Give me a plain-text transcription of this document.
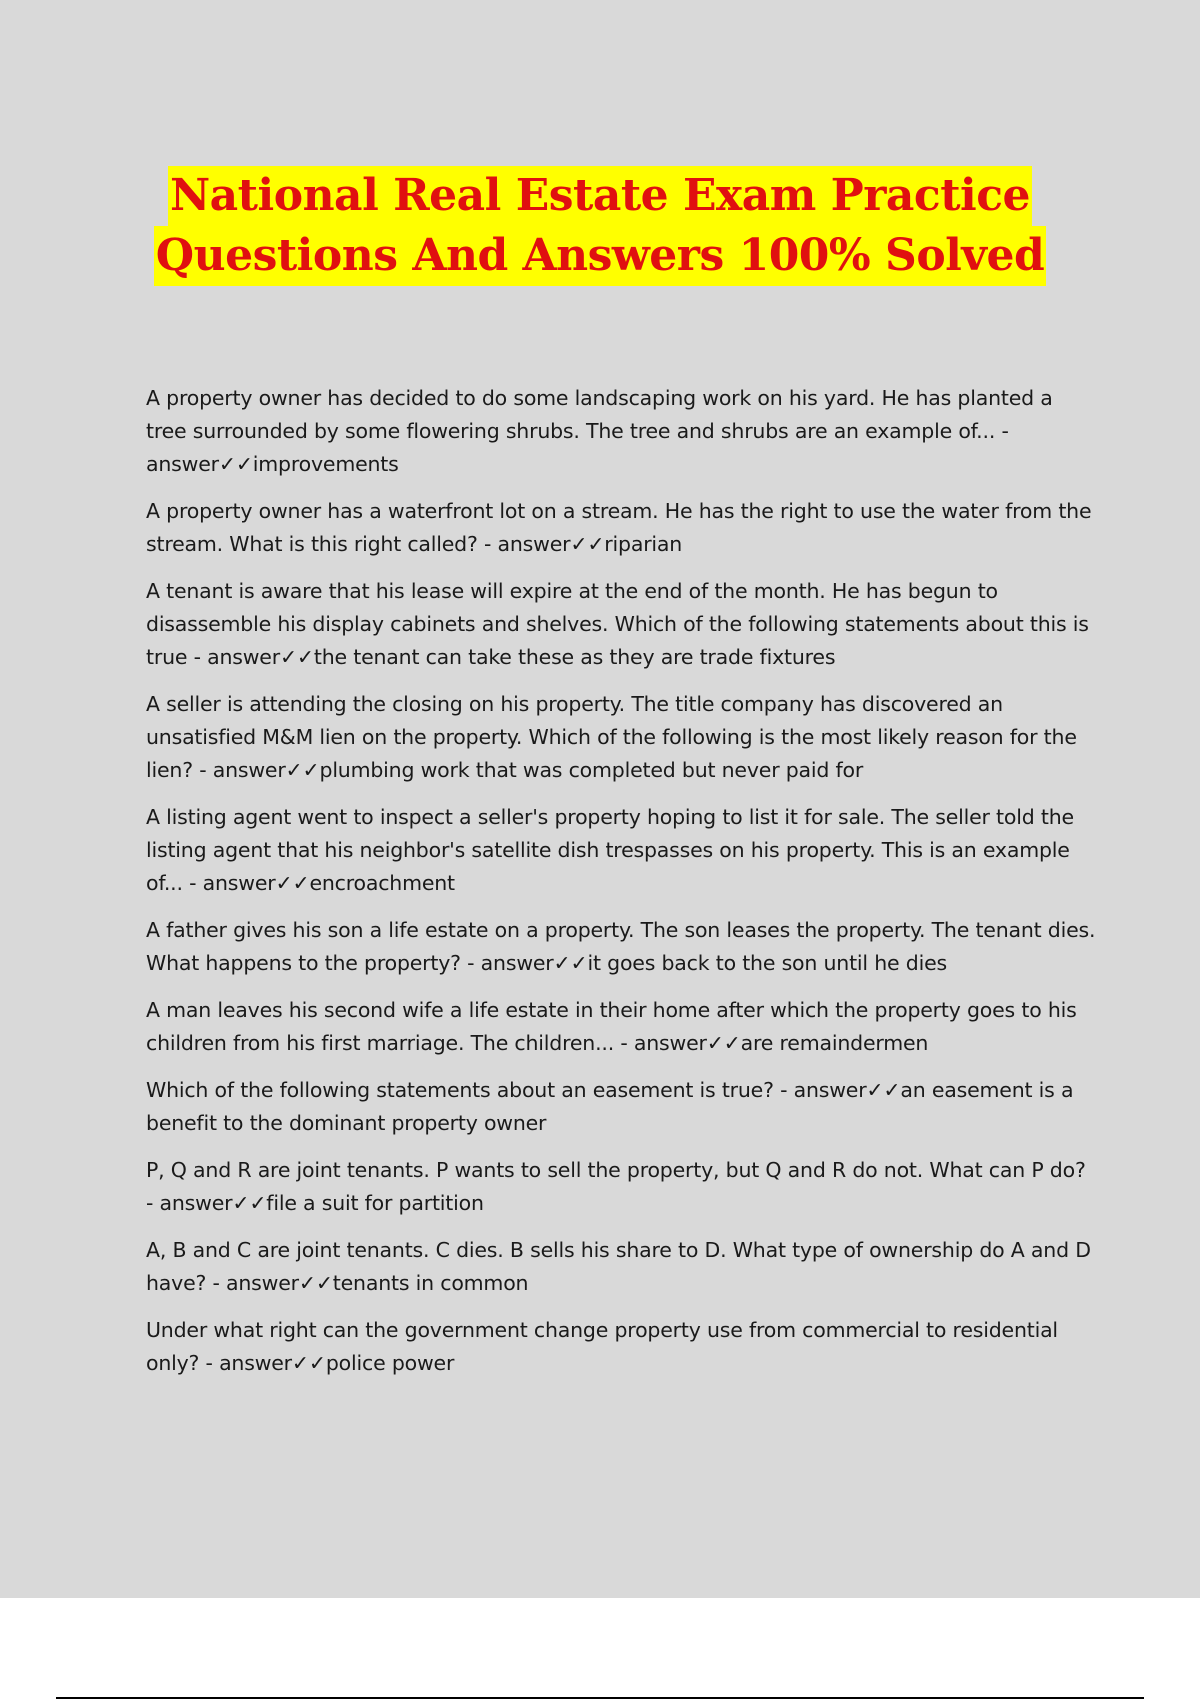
National Real Estate Exam Practice
Questions And Answers 100% Solved

A property owner has decided to do some landscaping work on his yard. He has planted a tree surrounded by some flowering shrubs. The tree and shrubs are an example of... - answer✓✓improvements

A property owner has a waterfront lot on a stream. He has the right to use the water from the stream. What is this right called? - answer✓✓riparian

A tenant is aware that his lease will expire at the end of the month. He has begun to disassemble his display cabinets and shelves. Which of the following statements about this is true - answer✓✓the tenant can take these as they are trade fixtures

A seller is attending the closing on his property. The title company has discovered an unsatisfied M&M lien on the property. Which of the following is the most likely reason for the lien? - answer✓✓plumbing work that was completed but never paid for

A listing agent went to inspect a seller's property hoping to list it for sale. The seller told the listing agent that his neighbor's satellite dish trespasses on his property. This is an example of... - answer✓✓encroachment

A father gives his son a life estate on a property. The son leases the property. The tenant dies. What happens to the property? - answer✓✓it goes back to the son until he dies

A man leaves his second wife a life estate in their home after which the property goes to his children from his first marriage. The children... - answer✓✓are remaindermen

Which of the following statements about an easement is true? - answer✓✓an easement is a benefit to the dominant property owner

P, Q and R are joint tenants. P wants to sell the property, but Q and R do not. What can P do? - answer✓✓file a suit for partition

A, B and C are joint tenants. C dies. B sells his share to D. What type of ownership do A and D have? - answer✓✓tenants in common

Under what right can the government change property use from commercial to residential only? - answer✓✓police power
